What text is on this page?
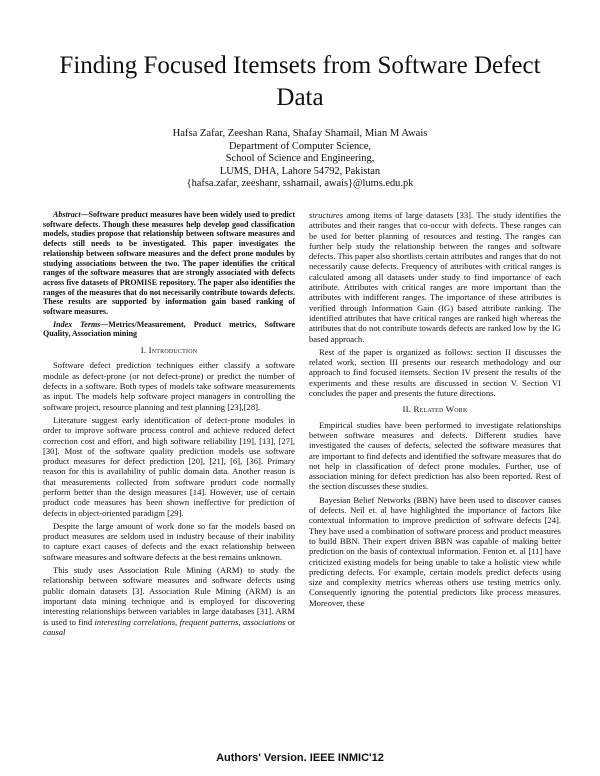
Finding Focused Itemsets from Software Defect Data
Hafsa Zafar, Zeeshan Rana, Shafay Shamail, Mian M Awais
Department of Computer Science,
School of Science and Engineering,
LUMS, DHA, Lahore 54792, Pakistan
{hafsa.zafar, zeeshanr, sshamail, awais}@lums.edu.pk

Abstract—Software product measures have been widely used to predict software defects. Though these measures help develop good classification models, studies propose that relationship between software measures and defects still needs to be investigated. This paper investigates the relationship between software measures and the defect prone modules by studying associations between the two. The paper identifies the critical ranges of the software measures that are strongly associated with defects across five datasets of PROMISE repository. The paper also identifies the ranges of the measures that do not necessarily contribute towards defects. These results are supported by information gain based ranking of software measures.

Index Terms—Metrics/Measurement, Product metrics, Software Quality, Association mining

I. Introduction

Software defect prediction techniques either classify a software module as defect-prone (or not defect-prone) or predict the number of defects in a software. Both types of models take software measurements as input. The models help software project managers in controlling the software project, resource planning and test planning [23],[28].

Literature suggest early identification of defect-prone modules in order to improve software process control and achieve reduced defect correction cost and effort, and high software reliability [19], [13], [27], [30]. Most of the software quality prediction models use software product measures for defect prediction [20], [21], [6], [36]. Primary reason for this is availability of public domain data. Another reason is that measurements collected from software product code normally perform better than the design measures [14]. However, use of certain product code measures has been shown ineffective for prediction of defects in object-oriented paradigm [29].

Despite the large amount of work done so far the models based on product measures are seldom used in industry because of their inability to capture exact causes of defects and the exact relationship between software measures and software defects at the best remains unknown.

This study uses Association Rule Mining (ARM) to study the relationship between software measures and software defects using public domain datasets [3]. Association Rule Mining (ARM) is an important data mining technique and is employed for discovering interesting relationships between variables in large databases [31]. ARM is used to find interesting correlations, frequent patterns, associations or causal

structures among items of large datasets [33]. The study identifies the attributes and their ranges that co-occur with defects. These ranges can be used for better planning of resources and testing. The ranges can further help study the relationship between the ranges and software defects. This paper also shortlists certain attributes and ranges that do not necessarily cause defects. Frequency of attributes with critical ranges is calculated among all datasets under study to find importance of each attribute. Attributes with critical ranges are more important than the attributes with indifferent ranges. The importance of these attributes is verified through Information Gain (IG) based attribute ranking. The identified attributes that have critical ranges are ranked high whereas the attributes that do not contribute towards defects are ranked low by the IG based approach.

Rest of the paper is organized as follows: section II discusses the related work, section III presents our research methodology and our approach to find focused itemsets. Section IV present the results of the experiments and these results are discussed in section V. Section VI concludes the paper and presents the future directions.

II. Related Work

Empirical studies have been performed to investigate relationships between software measures and defects. Different studies have investigated the causes of defects, selected the software measures that are important to find defects and identified the software measures that do not help in classification of defect prone modules. Further, use of association mining for defect prediction has also been reported. Rest of the section discusses these studies.

Bayesian Belief Networks (BBN) have been used to discover causes of defects. Neil et. al have highlighted the importance of factors like contextual information to improve prediction of software defects [24]. They have used a combination of software process and product measures to build BBN. Their expert driven BBN was capable of making better prediction on the basis of contextual information. Fenton et. al [11] have criticized existing models for being unable to take a holistic view while predicting defects. For example, certain models predict defects using size and complexity metrics whereas others use testing metrics only. Consequently ignoring the potential predictors like process measures. Moreover, these

Authors' Version. IEEE INMIC'12
